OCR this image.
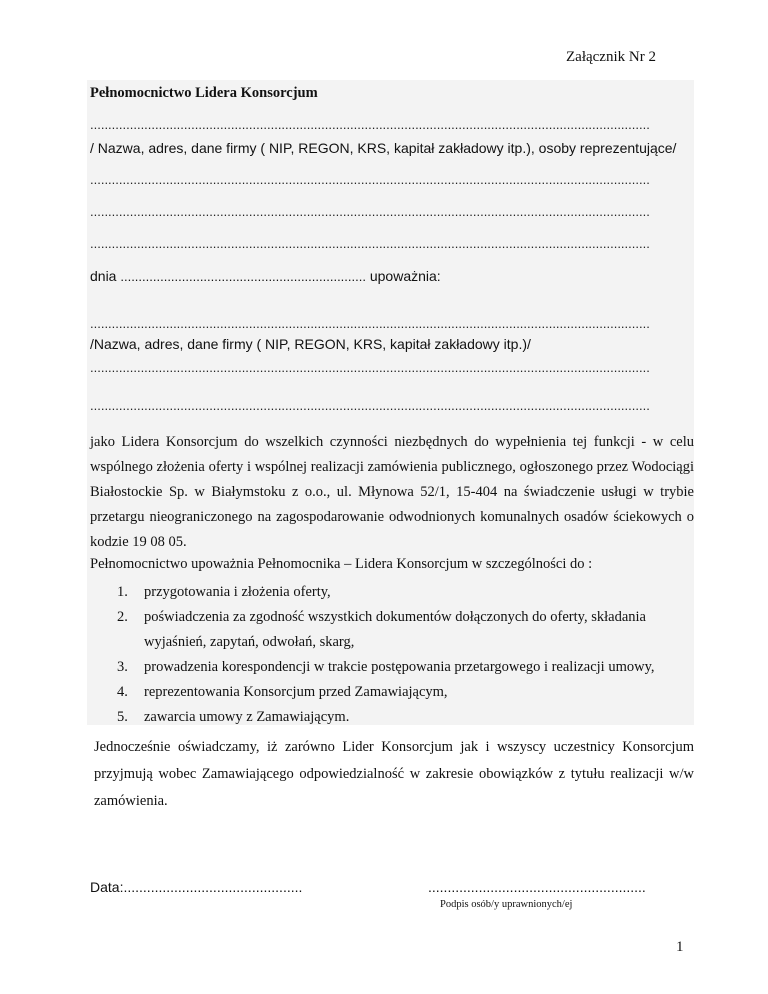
Załącznik Nr 2
Pełnomocnictwo Lidera Konsorcjum
...........................................................................................................................................................
/ Nazwa, adres, dane firmy ( NIP, REGON, KRS, kapitał zakładowy itp.), osoby reprezentujące/
...........................................................................................................................................................
...........................................................................................................................................................
...........................................................................................................................................................
dnia .................................................................... upoważnia:
...........................................................................................................................................................
/Nazwa, adres, dane firmy ( NIP, REGON, KRS, kapitał zakładowy itp.)/
...........................................................................................................................................................
...........................................................................................................................................................
jako Lidera Konsorcjum do wszelkich czynności niezbędnych do wypełnienia tej funkcji - w celu wspólnego złożenia oferty i wspólnej realizacji zamówienia publicznego, ogłoszonego przez Wodociągi Białostockie Sp. w Białymstoku z o.o., ul. Młynowa 52/1, 15-404 na świadczenie usługi w trybie przetargu nieograniczonego na zagospodarowanie odwodnionych komunalnych osadów ściekowych o kodzie 19 08 05.
Pełnomocnictwo upoważnia Pełnomocnika – Lidera Konsorcjum w szczególności do :
1. przygotowania i złożenia oferty,
2. poświadczenia za zgodność wszystkich dokumentów dołączonych do oferty, składania
wyjaśnień, zapytań, odwołań, skarg,
3. prowadzenia korespondencji w trakcie postępowania przetargowego i realizacji umowy,
4. reprezentowania Konsorcjum przed Zamawiającym,
5. zawarcia umowy z Zamawiającym.
Jednocześnie oświadczamy, iż zarówno Lider Konsorcjum jak i wszyscy uczestnicy Konsorcjum przyjmują wobec Zamawiającego odpowiedzialność w zakresie obowiązków z tytułu realizacji w/w zamówienia.
Data:..............................................	........................................................
Podpis osób/y uprawnionych/ej
1
